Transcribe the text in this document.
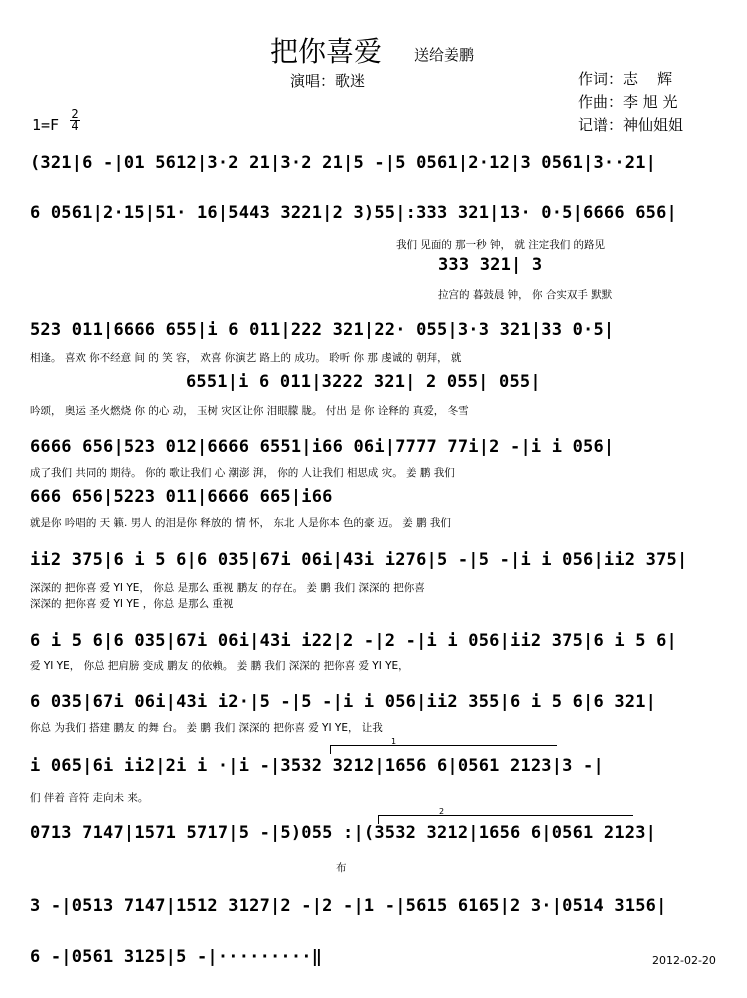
把你喜爱 送给姜鹏
演唱：歌迷	作词：志    辉
作曲：李 旭 光
记谱：神仙姐姐
1=F
2
4
(321|6 -|01 5612|3·2 21|3·2 21|5 -|5 0561|2·12|3 0561|3··21|
6 0561|2·15|51· 16|5443 3221|2 3)55|:333 321|13· 0·5|6666 656|
我们 见面的 那一秒 钟， 就 注定我们 的路见
333 321| 3
拉宫的 暮鼓晨 钟， 你 合实双手 默默
523 011|6666 655|i 6 011|222 321|22· 055|3·3 321|33 0·5|
相逢。 喜欢 你不经意 间 的 笑 容， 欢喜 你演艺 路上的 成功。 聆听 你 那 虔诚的 朝拜， 就
6551|i 6 011|3222 321| 2 055| 055|
吟颂， 奥运 圣火燃烧 你 的心 动， 玉树 灾区让你 泪眼朦 胧。 付出 是 你 诠释的 真爱， 冬雪
6666 656|523 012|6666 6551|i66 06i|7777 77i|2 -|i i 056|
成了我们 共同的 期待。 你的 歌让我们 心 潮澎 湃， 你的 人让我们 相思成 灾。 姜 鹏 我们
666 656|5223 011|6666 665|i66
就是你 吟唱的 天 籁. 男人 的泪是你 释放的 情 怀， 东北 人是你本 色的豪 迈。 姜 鹏 我们
ii2 375|6 i 5 6|6 035|67i 06i|43i i276|5 -|5 -|i i 056|ii2 375|
深深的 把你喜 爱 YI YE， 你总 是那么 重视 鹏友 的存在。 姜 鹏 我们 深深的 把你喜
深深的 把你喜 爱 YI YE ，你总 是那么 重视
6 i 5 6|6 035|67i 06i|43i i22|2 -|2 -|i i 056|ii2 375|6 i 5 6|
爱 YI YE， 你总 把肩膀 变成 鹏友 的依赖。 姜 鹏 我们 深深的 把你喜 爱 YI YE，
6 035|67i 06i|43i i2·|5 -|5 -|i i 056|ii2 355|6 i 5 6|6 321|
你总 为我们 搭建 鹏友 的舞 台。 姜 鹏 我们 深深的 把你喜 爱 YI YE， 让我
1
i 065|6i ii2|2i i ·|i -|3532 3212|1656 6|0561 2123|3 -|
们 伴着 音符 走向未 来。
2
0713 7147|1571 5717|5 -|5)055 :|(3532 3212|1656 6|0561 2123|
布
3 -|0513 7147|1512 3127|2 -|2 -|1 -|5615 6165|2 3·|0514 3156|
6 -|0561 3125|5 -|·········‖	2012-02-20
